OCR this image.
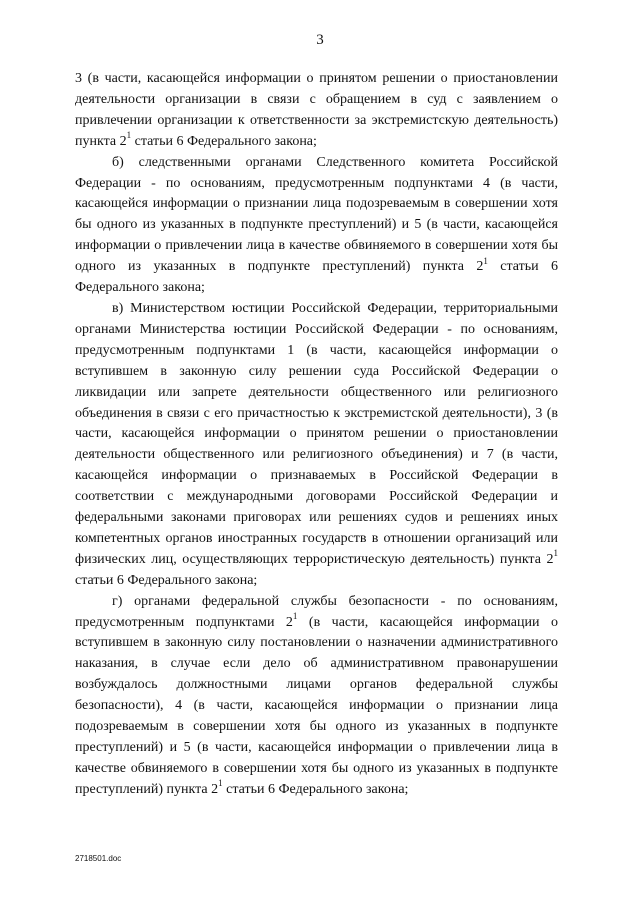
3

3 (в части, касающейся информации о принятом решении о приостановлении деятельности организации в связи с обращением в суд с заявлением о привлечении организации к ответственности за экстремистскую деятельность) пункта $2^1$ статьи 6 Федерального закона;

б) следственными органами Следственного комитета Российской Федерации - по основаниям, предусмотренным подпунктами 4 (в части, касающейся информации о признании лица подозреваемым в совершении хотя бы одного из указанных в подпункте преступлений) и 5 (в части, касающейся информации о привлечении лица в качестве обвиняемого в совершении хотя бы одного из указанных в подпункте преступлений) пункта $2^1$ статьи 6 Федерального закона;

в) Министерством юстиции Российской Федерации, территориальными органами Министерства юстиции Российской Федерации - по основаниям, предусмотренным подпунктами 1 (в части, касающейся информации о вступившем в законную силу решении суда Российской Федерации о ликвидации или запрете деятельности общественного или религиозного объединения в связи с его причастностью к экстремистской деятельности), 3 (в части, касающейся информации о принятом решении о приостановлении деятельности общественного или религиозного объединения) и 7 (в части, касающейся информации о признаваемых в Российской Федерации в соответствии с международными договорами Российской Федерации и федеральными законами приговорах или решениях судов и решениях иных компетентных органов иностранных государств в отношении организаций или физических лиц, осуществляющих террористическую деятельность) пункта $2^1$ статьи 6 Федерального закона;

г) органами федеральной службы безопасности - по основаниям, предусмотренным подпунктами $2^1$ (в части, касающейся информации о вступившем в законную силу постановлении о назначении административного наказания, в случае если дело об административном правонарушении возбуждалось должностными лицами органов федеральной службы безопасности), 4 (в части, касающейся информации о признании лица подозреваемым в совершении хотя бы одного из указанных в подпункте преступлений) и 5 (в части, касающейся информации о привлечении лица в качестве обвиняемого в совершении хотя бы одного из указанных в подпункте преступлений) пункта $2^1$ статьи 6 Федерального закона;

2718501.doc
